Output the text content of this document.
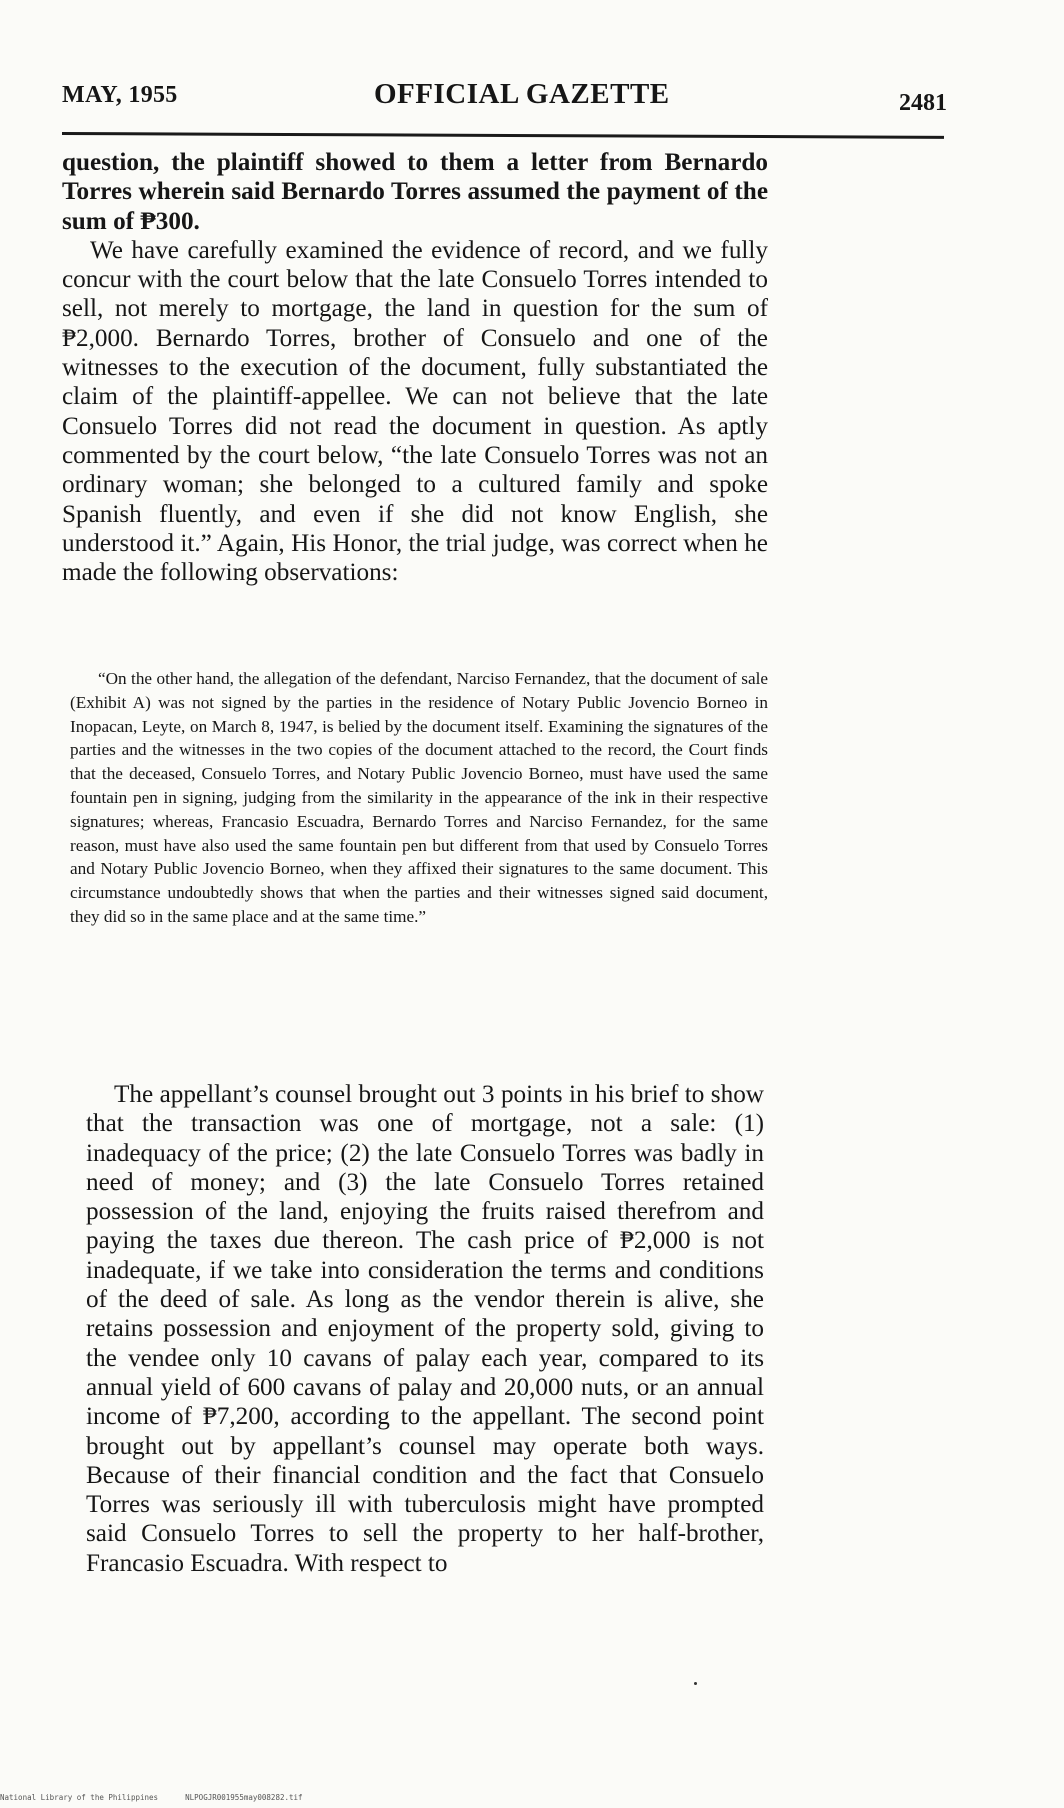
MAY, 1955	OFFICIAL GAZETTE	2481

question, the plaintiff showed to them a letter from Bernardo Torres wherein said Bernardo Torres assumed the payment of the sum of ₱300.

We have carefully examined the evidence of record, and we fully concur with the court below that the late Consuelo Torres intended to sell, not merely to mortgage, the land in question for the sum of ₱2,000. Bernardo Torres, brother of Consuelo and one of the witnesses to the execution of the document, fully substantiated the claim of the plaintiff-appellee. We can not believe that the late Consuelo Torres did not read the document in question. As aptly commented by the court below, “the late Consuelo Torres was not an ordinary woman; she belonged to a cultured family and spoke Spanish fluently, and even if she did not know English, she understood it.” Again, His Honor, the trial judge, was correct when he made the following observations:

“On the other hand, the allegation of the defendant, Narciso Fernandez, that the document of sale (Exhibit A) was not signed by the parties in the residence of Notary Public Jovencio Borneo in Inopacan, Leyte, on March 8, 1947, is belied by the document itself. Examining the signatures of the parties and the witnesses in the two copies of the document attached to the record, the Court finds that the deceased, Consuelo Torres, and Notary Public Jovencio Borneo, must have used the same fountain pen in signing, judging from the similarity in the appearance of the ink in their respective signatures; whereas, Francasio Escuadra, Bernardo Torres and Narciso Fernandez, for the same reason, must have also used the same fountain pen but different from that used by Consuelo Torres and Notary Public Jovencio Borneo, when they affixed their signatures to the same document. This circumstance undoubtedly shows that when the parties and their witnesses signed said document, they did so in the same place and at the same time.”

The appellant’s counsel brought out 3 points in his brief to show that the transaction was one of mortgage, not a sale: (1) inadequacy of the price; (2) the late Consuelo Torres was badly in need of money; and (3) the late Consuelo Torres retained possession of the land, enjoying the fruits raised therefrom and paying the taxes due thereon. The cash price of ₱2,000 is not inadequate, if we take into consideration the terms and conditions of the deed of sale. As long as the vendor therein is alive, she retains possession and enjoyment of the property sold, giving to the vendee only 10 cavans of palay each year, compared to its annual yield of 600 cavans of palay and 20,000 nuts, or an annual income of ₱7,200, according to the appellant. The second point brought out by appellant’s counsel may operate both ways. Because of their financial condition and the fact that Consuelo Torres was seriously ill with tuberculosis might have prompted said Consuelo Torres to sell the property to her half-brother, Francasio Escuadra. With respect to

National Library of the Philippines	NLPOGJR001955may008282.tif
